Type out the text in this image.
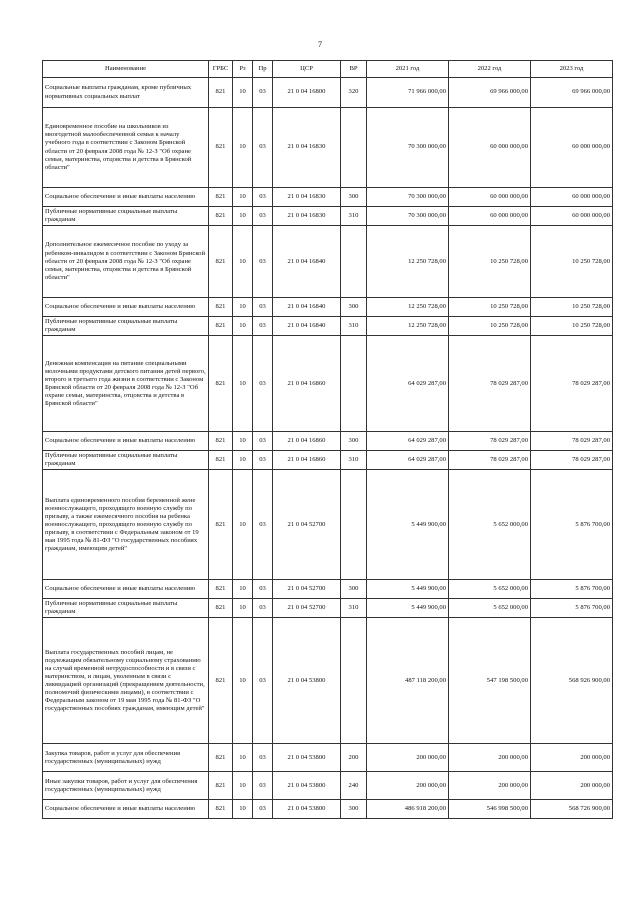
7
Наименование	ГРБС	Рз	Пр	ЦСР	ВР	2021 год	2022 год	2023 год
Социальные выплаты гражданам, кроме публичных нормативных социальных выплат	821	10	03	21 0 04 16800	320	71 966 000,00	69 966 000,00	69 966 000,00
Единовременное пособие на школьников из многодетной малообеспеченной семьи к началу учебного года в соответствии с Законом Брянской области от 20 февраля 2008 года № 12-З "Об охране семьи, материнства, отцовства и детства в Брянской области"	821	10	03	21 0 04 16830		70 300 000,00	60 000 000,00	60 000 000,00
Социальное обеспечение и иные выплаты населению	821	10	03	21 0 04 16830	300	70 300 000,00	60 000 000,00	60 000 000,00
Публичные нормативные социальные выплаты гражданам	821	10	03	21 0 04 16830	310	70 300 000,00	60 000 000,00	60 000 000,00
Дополнительное ежемесячное пособие по уходу за ребенком-инвалидом в соответствии с Законом Брянской области от 20 февраля 2008 года № 12-З "Об охране семьи, материнства, отцовства и детства в Брянской области"	821	10	03	21 0 04 16840		12 250 728,00	10 250 728,00	10 250 728,00
Социальное обеспечение и иные выплаты населению	821	10	03	21 0 04 16840	300	12 250 728,00	10 250 728,00	10 250 728,00
Публичные нормативные социальные выплаты гражданам	821	10	03	21 0 04 16840	310	12 250 728,00	10 250 728,00	10 250 728,00
Денежная компенсация на питание специальными молочными продуктами детского питания детей первого, второго и третьего года жизни в соответствии с Законом Брянской области от 20 февраля 2008 года № 12-З "Об охране семьи, материнства, отцовства и детства в Брянской области"	821	10	03	21 0 04 16860		64 029 287,00	78 029 287,00	78 029 287,00
Социальное обеспечение и иные выплаты населению	821	10	03	21 0 04 16860	300	64 029 287,00	78 029 287,00	78 029 287,00
Публичные нормативные социальные выплаты гражданам	821	10	03	21 0 04 16860	310	64 029 287,00	78 029 287,00	78 029 287,00
Выплата единовременного пособия беременной жене военнослужащего, проходящего военную службу по призыву, а также ежемесячного пособия на ребенка военнослужащего, проходящего военную службу по призыву, в соответствии с Федеральным законом от 19 мая 1995 года № 81-ФЗ "О государственных пособиях гражданам, имеющим детей"	821	10	03	21 0 04 52700		5 449 900,00	5 652 000,00	5 876 700,00
Социальное обеспечение и иные выплаты населению	821	10	03	21 0 04 52700	300	5 449 900,00	5 652 000,00	5 876 700,00
Публичные нормативные социальные выплаты гражданам	821	10	03	21 0 04 52700	310	5 449 900,00	5 652 000,00	5 876 700,00
Выплата государственных пособий лицам, не подлежащим обязательному социальному страхованию на случай временной нетрудоспособности и в связи с материнством, и лицам, уволенным в связи с ликвидацией организаций (прекращением деятельности, полномочий физическими лицами), в соответствии с Федеральным законом от 19 мая 1995 года № 81-ФЗ "О государственных пособиях гражданам, имеющим детей"	821	10	03	21 0 04 53800		487 118 200,00	547 198 500,00	568 926 900,00
Закупка товаров, работ и услуг для обеспечения государственных (муниципальных) нужд	821	10	03	21 0 04 53800	200	200 000,00	200 000,00	200 000,00
Иные закупки товаров, работ и услуг для обеспечения государственных (муниципальных) нужд	821	10	03	21 0 04 53800	240	200 000,00	200 000,00	200 000,00
Социальное обеспечение и иные выплаты населению	821	10	03	21 0 04 53800	300	486 918 200,00	546 998 500,00	568 726 900,00
